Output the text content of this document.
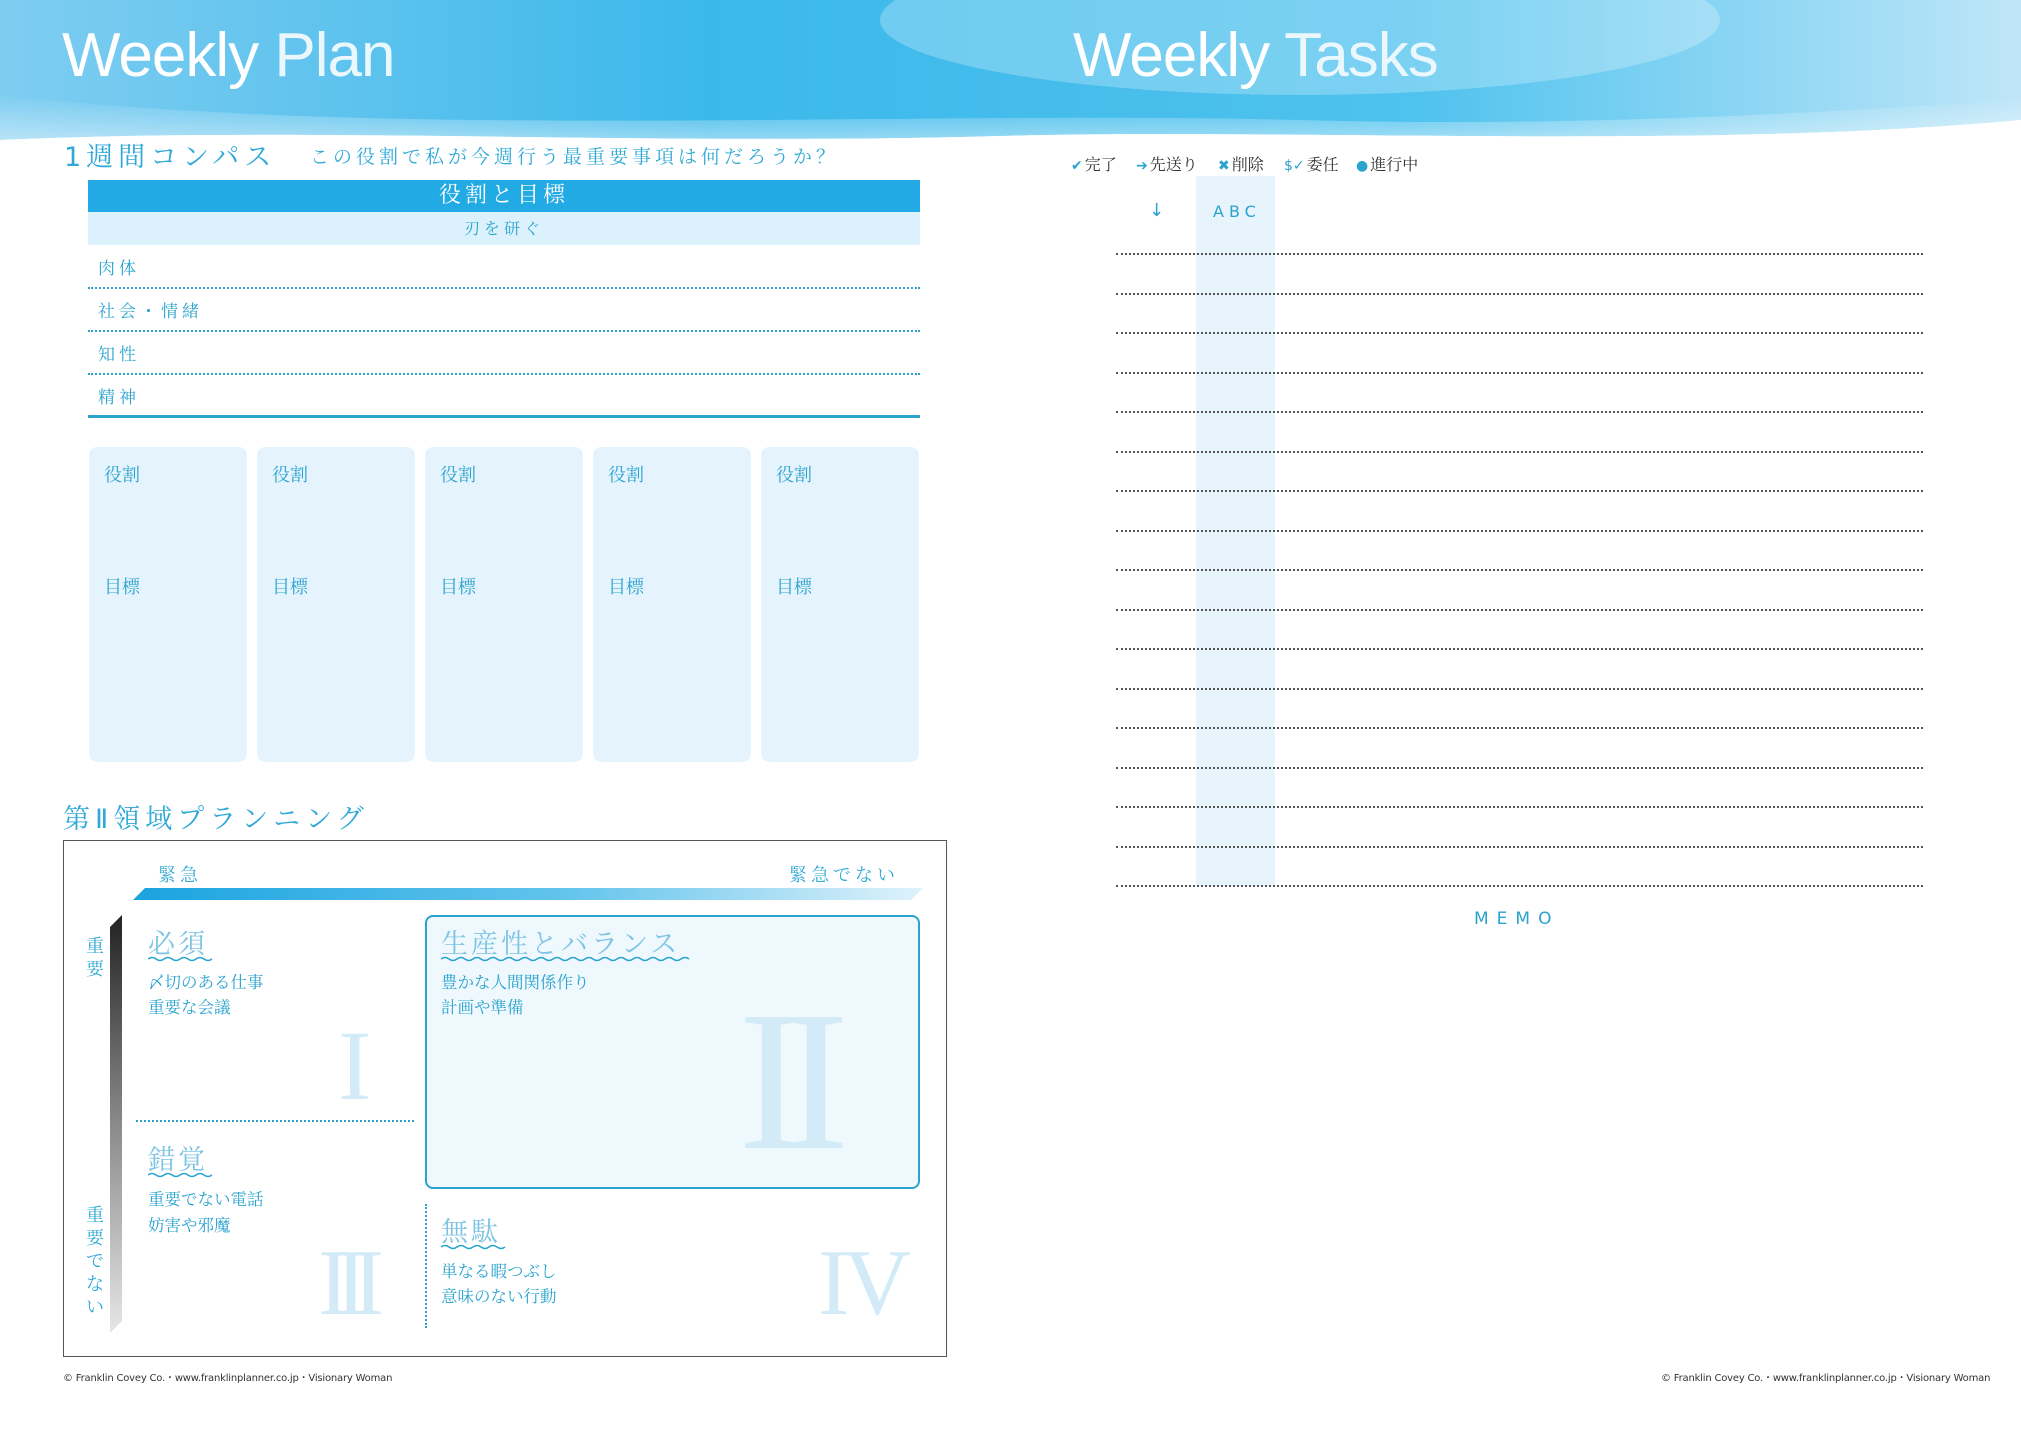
Weekly Plan	Weekly Tasks
1週間コンパス この役割で私が今週行う最重要事項は何だろうか？
役割と目標
刃を研ぐ
肉体
社会・情緒
知性
精神
役割
目標
役割
目標
役割
目標
役割
目標
役割
目標
第Ⅱ領域プランニング
緊急	緊急でない
重
要
重
要
で
な
い
必須
〆切のある仕事
重要な会議
I
生産性とバランス
豊かな人間関係作り
計画や準備 II
錯覚
重要でない電話
妨害や邪魔
III	無駄
単なる暇つぶし
意味のない行動	IV
© Franklin Covey Co.・www.franklinplanner.co.jp・Visionary Woman
✔ 完了 ➔ 先送り ✖ 削除 $✓ 委任 ● 進行中
↓	ABC
MEMO
© Franklin Covey Co.・www.franklinplanner.co.jp・Visionary Woman
